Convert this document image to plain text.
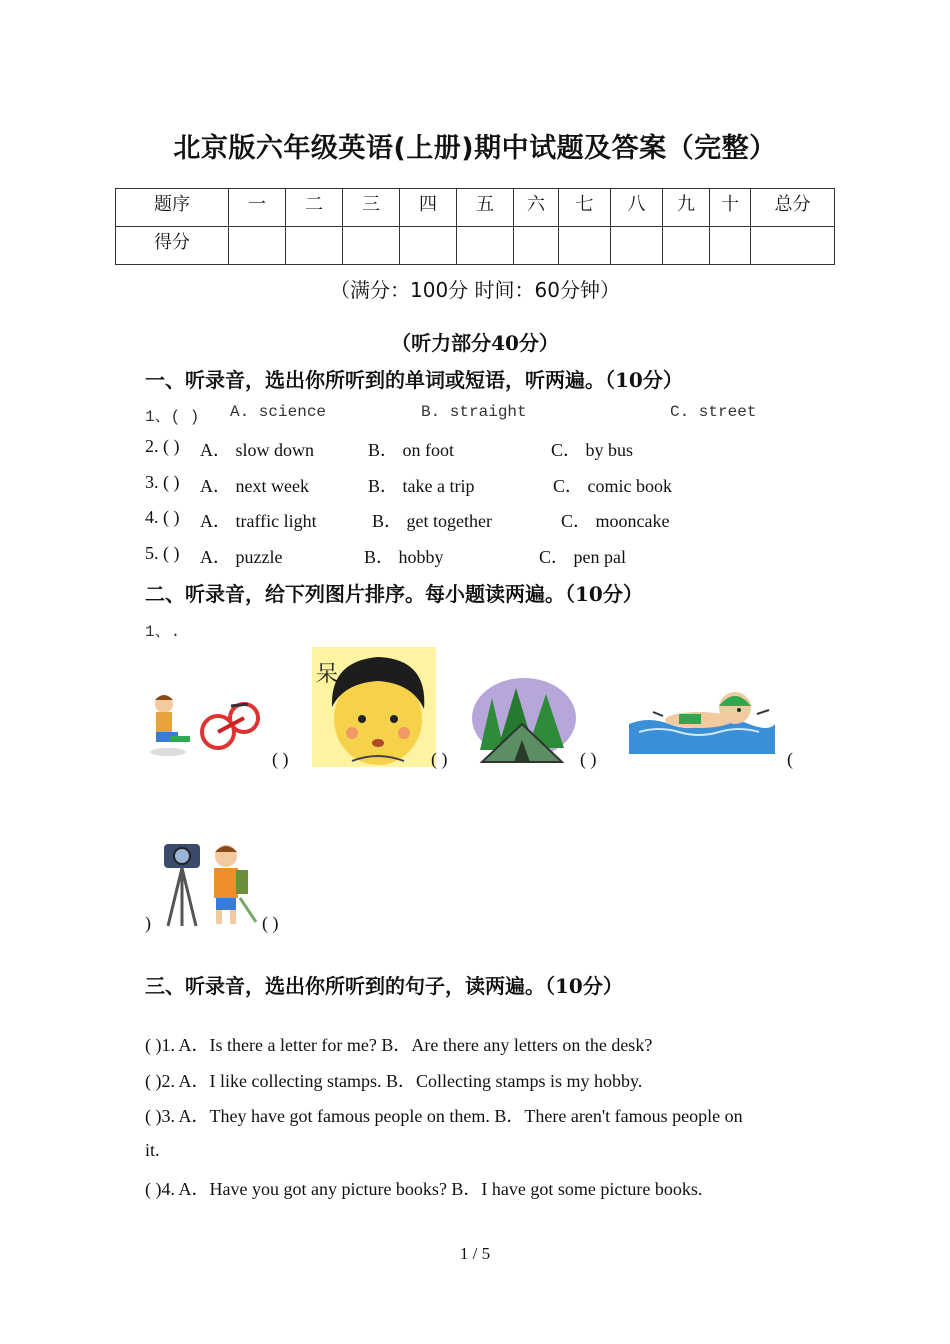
北京版六年级英语(上册)期中试题及答案（完整）
题序	一	二	三	四	五	六	七	八	九	十	总分
得分											
（满分：100分 时间：60分钟）
（听力部分40分）
一、听录音，选出你所听到的单词或短语，听两遍。（10分）
1、( ) A. science	B. straight	C. street
2. ( ) A． slow down	B． on foot	C． by bus
3. ( ) A． next week	B． take a trip	C． comic book
4. ( ) A． traffic light	B． get together	C． mooncake
5. ( ) A． puzzle	B． hobby	C． pen pal
二、听录音，给下列图片排序。每小题读两遍。（10分）
1、.
( )
呆
( )	( )	(
)	( )
三、听录音，选出你所听到的句子，读两遍。（10分）
( )1. A．Is there a letter for me? B．Are there any letters on the desk?
( )2. A．I like collecting stamps. B．Collecting stamps is my hobby.
( )3. A．They have got famous people on them. B．There aren't famous people on
it.
( )4. A．Have you got any picture books? B．I have got some picture books.
1 / 5
